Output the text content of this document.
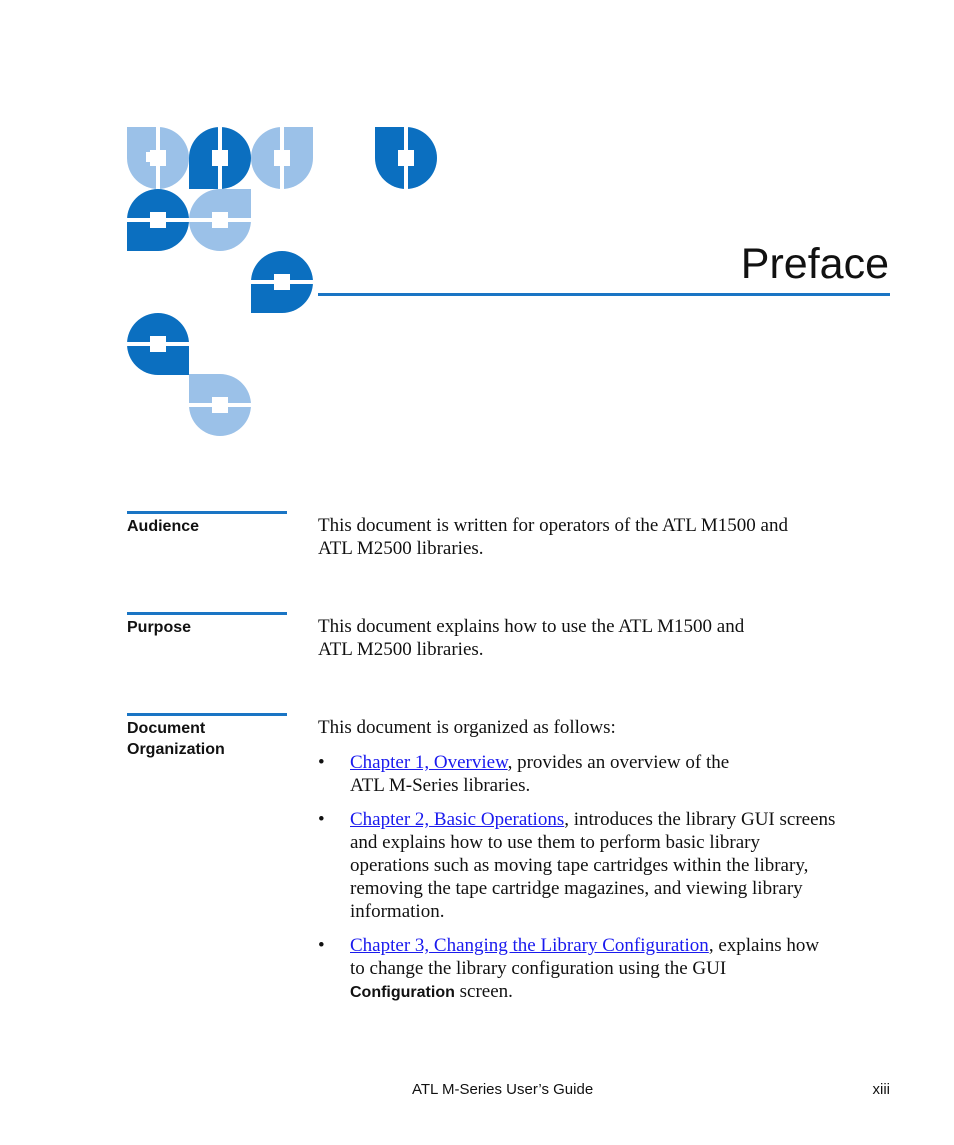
Preface
Audience	This document is written for operators of the ATL M1500 and

ATL M2500 libraries.

Purpose	This document explains how to use the ATL M1500 and

ATL M2500 libraries.

Document
Organization

This document is organized as follows:

• Chapter 1, Overview, provides an overview of the
ATL M-Series libraries.
• Chapter 2, Basic Operations, introduces the library GUI screens
and explains how to use them to perform basic library
operations such as moving tape cartridges within the library,
removing the tape cartridge magazines, and viewing library
information.
• Chapter 3, Changing the Library Configuration, explains how
to change the library configuration using the GUI
Configuration screen.
ATL M-Series User’s Guide	xiii
